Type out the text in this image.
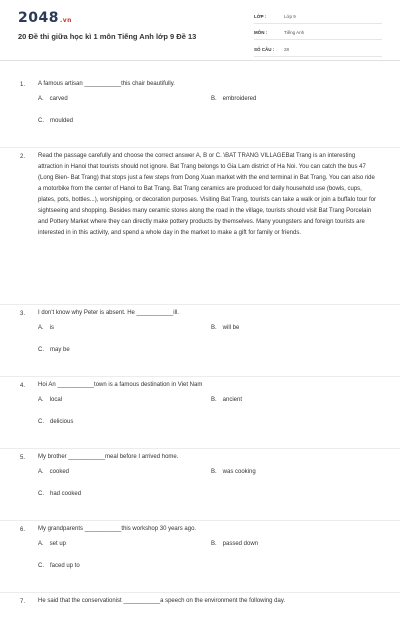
2048.vn
20 Đề thi giữa học kì 1 môn Tiếng Anh lớp 9 Đề 13
LỚP :	Lớp 9
MÔN :	Tiếng Anh
SỐ CÂU :	28
1. A famous artisan ___________this chair beautifully.
A. carved	B. embroidered
C. moulded
2. Read the passage carefully and choose the correct answer A, B or C. \BAT TRANG VILLAGEBat Trang is an interesting attraction in Hanoi that tourists should not ignore. Bat Trang belongs to Gia Lam district of Ha Noi. You can catch the bus 47 (Long Bien- Bat Trang) that stops just a few steps from Dong Xuan market with the end terminal in Bat Trang. You can also ride a motorbike from the center of Hanoi to Bat Trang. Bat Trang ceramics are produced for daily household use (bowls, cups, plates, pots, bottles...), worshipping, or decoration purposes. Visiting Bat Trang, tourists can take a walk or join a buffalo tour for sightseeing and shopping. Besides many ceramic stores along the road in the village, tourists should visit Bat Trang Porcelain and Pottery Market where they can directly make pottery products by themselves. Many youngsters and foreign tourists are interested in in this activity, and spend a whole day in the market to make a gift for family or friends.
3. I don't know why Peter is absent. He ___________ill.
A. is	B. will be
C. may be
4. Hoi An ___________town is a famous destination in Viet Nam
A. local	B. ancient
C. delicious
5. My brother ___________meal before I arrived home.
A. cooked	B. was cooking
C. had cooked
6. My grandparents ___________this workshop 30 years ago.
A. set up	B. passed down
C. faced up to
7. He said that the conservationist ___________a speech on the environment the following day.
